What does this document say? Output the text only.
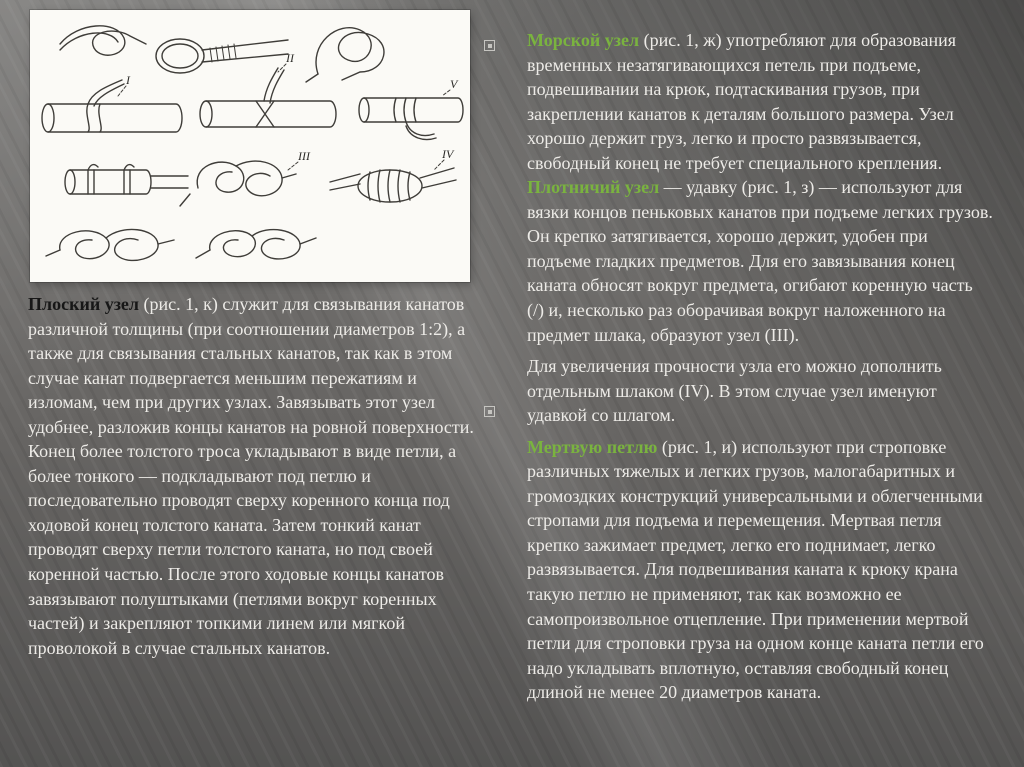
I
II
III	IV
V

Плоский узел (рис. 1, к) служит для связывания канатов различной толщины (при соотношении диаметров 1:2), а также для связывания стальных канатов, так как в этом случае канат подвергается меньшим пережатиям и изломам, чем при других узлах. Завязывать этот узел удобнее, разложив концы канатов на ровной поверхности. Конец более толстого троса укладывают в виде петли, а более тонкого — подкладывают под петлю и последовательно проводят сверху коренного конца под ходовой конец толстого каната. Затем тонкий канат проводят сверху петли толстого каната, но под своей коренной частью. После этого ходовые концы канатов завязывают полуштыками (петлями вокруг коренных частей) и закрепляют топкими линем или мягкой проволокой в случае стальных канатов.

Морской узел (рис. 1, ж) употребляют для образования временных незатягивающихся петель при подъеме, подвешивании на крюк, подтаскивания грузов, при закреплении канатов к деталям большого размера. Узел хорошо держит груз, легко и просто развязывается, свободный конец не требует специального крепления.

Плотничий узел — удавку (рис. 1, з) — используют для вязки концов пеньковых канатов при подъеме легких грузов. Он крепко затягивается, хорошо держит, удобен при подъеме гладких предметов. Для его завязывания конец каната обносят вокруг предмета, огибают коренную часть (/) и, несколько раз оборачивая вокруг наложенного на предмет шлака, образуют узел (III).

Для увеличения прочности узла его можно дополнить отдельным шлаком (IV). В этом случае узел именуют удавкой со шлагом.

Мертвую петлю (рис. 1, и) используют при строповке различных тяжелых и легких грузов, малогабаритных и громоздких конструкций универсальными и облегченными стропами для подъема и перемещения. Мертвая петля крепко зажимает предмет, легко его поднимает, легко развязывается. Для подвешивания каната к крюку крана такую петлю не применяют, так как возможно ее самопроизвольное отцепление. При применении мертвой петли для строповки груза на одном конце каната петли его надо укладывать вплотную, оставляя свободный конец длиной не менее 20 диаметров каната.
